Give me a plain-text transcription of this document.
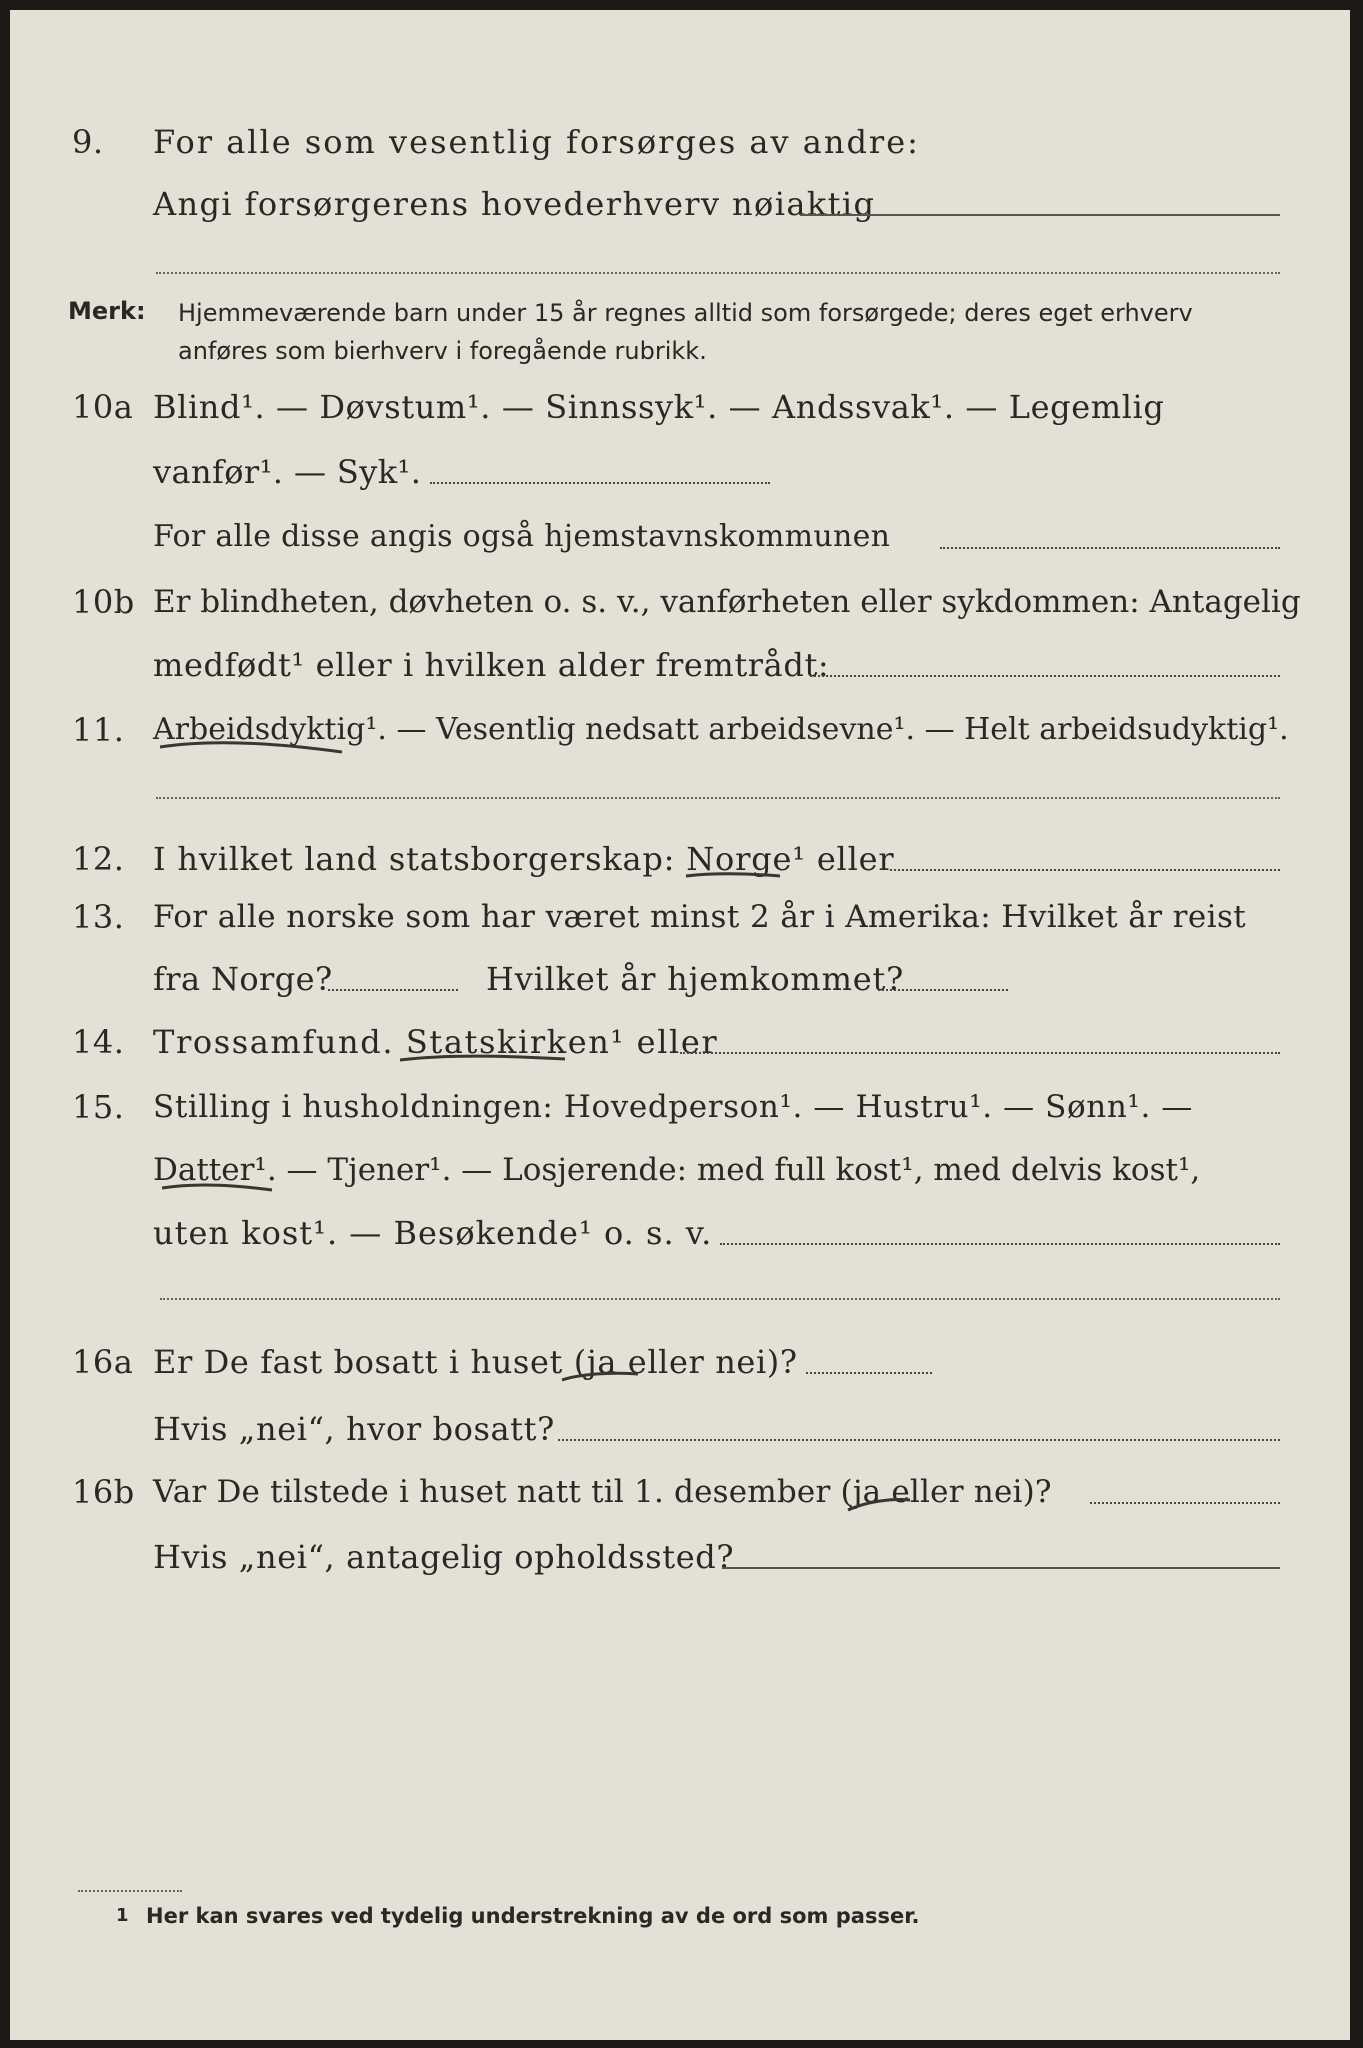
9.	For alle som vesentlig forsørges av andre:
Angi forsørgerens hovederhverv nøiaktig
Merk: Hjemmeværende barn under 15 år regnes alltid som forsørgede; deres eget erhverv anføres som bierhverv i foregående rubrikk.
10a Blind¹. — Døvstum¹. — Sinnssyk¹. — Andssvak¹. — Legemlig
vanfør¹. — Syk¹.
For alle disse angis også hjemstavnskommunen
10b Er blindheten, døvheten o. s. v., vanførheten eller sykdommen: Antagelig
medfødt¹ eller i hvilken alder fremtrådt:
11. Arbeidsdyktig¹. — Vesentlig nedsatt arbeidsevne¹. — Helt arbeidsudyktig¹.
12. I hvilket land statsborgerskap: Norge¹ eller
13. For alle norske som har været minst 2 år i Amerika: Hvilket år reist
fra Norge?	Hvilket år hjemkommet?
14. Trossamfund. Statskirken¹ eller
15. Stilling i husholdningen: Hovedperson¹. — Hustru¹. — Sønn¹. —
Datter¹. — Tjener¹. — Losjerende: med full kost¹, med delvis kost¹,
uten kost¹. — Besøkende¹ o. s. v.
16a Er De fast bosatt i huset (ja eller nei)?
Hvis „nei“, hvor bosatt?
16b Var De tilstede i huset natt til 1. desember (ja eller nei)?
Hvis „nei“, antagelig opholdssted?
1 Her kan svares ved tydelig understrekning av de ord som passer.
